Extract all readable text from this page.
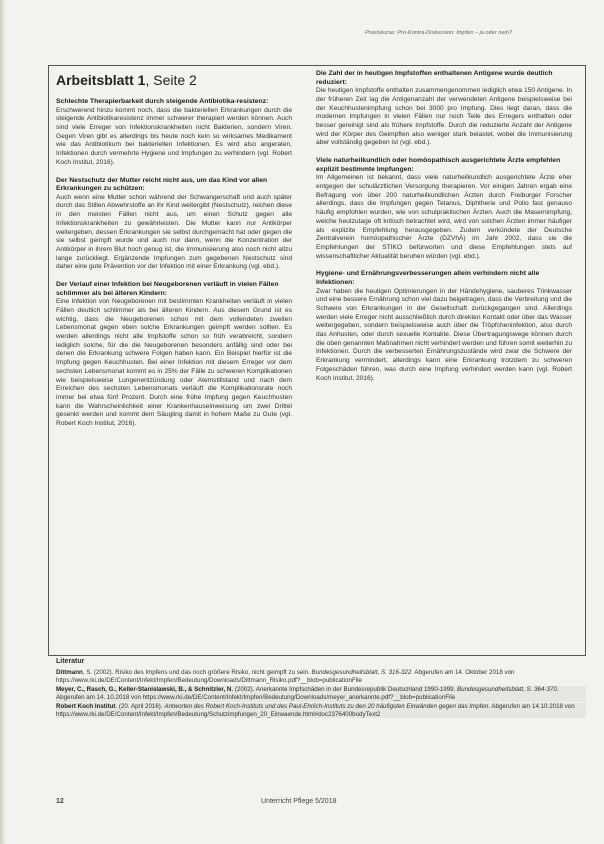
Praxiskurse: Pro-Kontra-Diskussion: Impfen – ja oder nein?
Arbeitsblatt 1, Seite 2
Schlechte Therapierbarkeit durch steigende Antibiotika-resistenz:

Erschwerend hinzu kommt noch, dass die bakteriellen Erkrankungen durch die steigende Antibiotikaresistenz immer schwerer therapiert werden können. Auch sind viele Erreger von Infektionskrankheiten nicht Bakterien, sondern Viren. Gegen Viren gibt es allerdings bis heute noch kein so wirksames Medikament wie das Antibiotikum bei bakteriellen Infektionen. Es wird also angeraten, Infektionen durch vermehrte Hygiene und Impfungen zu verhindern (vgl. Robert Koch Institut, 2016).

Der Nestschutz der Mutter reicht nicht aus, um das Kind vor allen Erkrankungen zu schützen:

Auch wenn eine Mutter schon während der Schwangerschaft und auch später durch das Stillen Abwehrstoffe an ihr Kind weitergibt (Nestschutz), reichen diese in den meisten Fällen nicht aus, um einen Schutz gegen alle Infektionskrankheiten zu gewährleisten. Die Mutter kann nur Antikörper weitergeben, dessen Erkrankungen sie selbst durchgemacht hat oder gegen die sie selbst geimpft wurde und auch nur dann, wenn die Konzentration der Antikörper in ihrem Blut hoch genug ist, die Immunisierung also noch nicht allzu lange zurückliegt. Ergänzende Impfungen zum gegebenen Nestschutz sind daher eine gute Prävention vor der Infektion mit einer Erkrankung (vgl. ebd.).

Der Verlauf einer Infektion bei Neugeborenen verläuft in vielen Fällen schlimmer als bei älteren Kindern:

Eine Infektion von Neugeborenen mit bestimmten Krankheiten verläuft in vielen Fällen deutlich schlimmer als bei älteren Kindern. Aus diesem Grund ist es wichtig, dass die Neugeborenen schon mit dem vollendeten zweiten Lebensmonat gegen eben solche Erkrankungen geimpft werden sollten. Es werden allerdings nicht alle Impfstoffe schon so früh verabreicht, sondern lediglich solche, für die die Neugeborenen besonders anfällig sind oder bei denen die Erkrankung schwere Folgen haben kann. Ein Beispiel hierfür ist die Impfung gegen Keuchhusten. Bei einer Infektion mit diesem Erreger vor dem sechsten Lebensmonat kommt es in 25% der Fälle zu schweren Komplikationen wie beispielsweise Lungenentzündung oder Atemstillstand und nach dem Erreichen des sechsten Lebensmonats verläuft die Komplikationsrate noch immer bei etwa fünf Prozent. Durch eine frühe Impfung gegen Keuchhusten kann die Wahrscheinlichkeit einer Krankenhauseinweisung um zwei Drittel gesenkt werden und kommt dem Säugling damit in hohem Maße zu Gute (vgl. Robert Koch Institut, 2016).

Die Zahl der in heutigen Impfstoffen enthaltenen Antigene wurde deutlich reduziert:

Die heutigen Impfstoffe enthalten zusammengenommen lediglich etwa 150 Antigene. In der früheren Zeit lag die Antigenanzahl der verwendeten Antigene beispielsweise bei der Keuchhustenimpfung schon bei 3000 pro Impfung. Dies liegt daran, dass die modernen Impfungen in vielen Fällen nur noch Teile des Erregers enthalten oder besser gereinigt sind als frühere Impfstoffe. Durch die reduzierte Anzahl der Antigene wird der Körper des Geimpften also weniger stark belastet, wobei die Immunisierung aber vollständig gegeben ist (vgl. ebd.).

Viele naturheilkundlich oder homöopathisch ausgerichtete Ärzte empfehlen explizit bestimmte Impfungen:

Im Allgemeinen ist bekannt, dass viele naturheilkundlich ausgerichtete Ärzte eher entgegen der schulärztlichen Versorgung therapieren. Vor einigen Jahren ergab eine Befragung von über 200 naturheilkundlichen Ärzten durch Freiburger Forscher allerdings, dass die Impfungen gegen Tetanus, Diphtherie und Polio fast genauso häufig empfohlen wurden, wie von schulpraktischen Ärzten. Auch die Masernimpfung, welche heutzutage oft kritisch betrachtet wird, wird von solchen Ärzten immer häufiger als explizite Empfehlung herausgegeben. Zudem verkündete der Deutsche Zentralverein homöopathischer Ärzte (DZVhÄ) im Jahr 2002, dass sie die Empfehlungen der STIKO befürworten und diese Empfehlungen stets auf wissenschaftlicher Aktualität beruhen würden (vgl. ebd.).

Hygiene- und Ernährungsverbesserungen allein verhindern nicht alle Infektionen:

Zwar haben die heutigen Optimierungen in der Händehygiene, sauberes Trinkwasser und eine bessere Ernährung schon viel dazu beigetragen, dass die Verbreitung und die Schwere von Erkrankungen in der Gesellschaft zurückgegangen sind. Allerdings werden viele Erreger nicht ausschließlich durch direkten Kontakt oder über das Wasser weitergegeben, sondern beispielsweise auch über die Tröpfcheninfektion, also durch das Anhusten, oder durch sexuelle Kontakte. Diese Übertragungswege können durch die oben genannten Maßnahmen nicht verhindert werden und führen somit weiterhin zu Infektionen. Durch die verbesserten Ernährungszustände wird zwar die Schwere der Erkrankung vermindert, allerdings kann eine Erkrankung trotzdem zu schweren Folgeschäden führen, was durch eine Impfung verhindert werden kann (vgl. Robert Koch Institut, 2016).

Literatur
Dittmann, S. (2002). Risiko des Impfens und das noch größere Risiko, nicht geimpft zu sein. Bundesgesundheitsblatt, S. 316-322. Abgerufen am 14. Oktober 2018 von https://www.rki.de/DE/Content/Infekt/Impfen/Bedeutung/Downloads/Dittmann_Risiko.pdf?__blob=publicationFile
Meyer, C., Rasch, G., Keller-Stanislawski, B., & Schnitzler, N. (2002). Anerkannte Impfschäden in der Bundesrepublik Deutschland 1990-1999. Bundesgesundheitsblatt, S. 364-370. Abgerufen am 14. 10.2018 von https://www.rki.de/DE/Content/Infekt/Impfen/Bedeutung/Downloads/meyer_anerkannte.pdf?__blob=publicationFile
Robert Koch Institut. (20. April 2016). Antworten des Robert Koch-Instituts und des Paul-Ehrlich-Instituts zu den 20 häufigsten Einwänden gegen das Impfen. Abgerufen am 14.10.2018 von https://www.rki.de/DE/Content/Infekt/Impfen/Bedeutung/Schutzimpfungen_20_Einwaende.html#doc2376400bodyText2
12	Unterricht Pflege 5/2018
